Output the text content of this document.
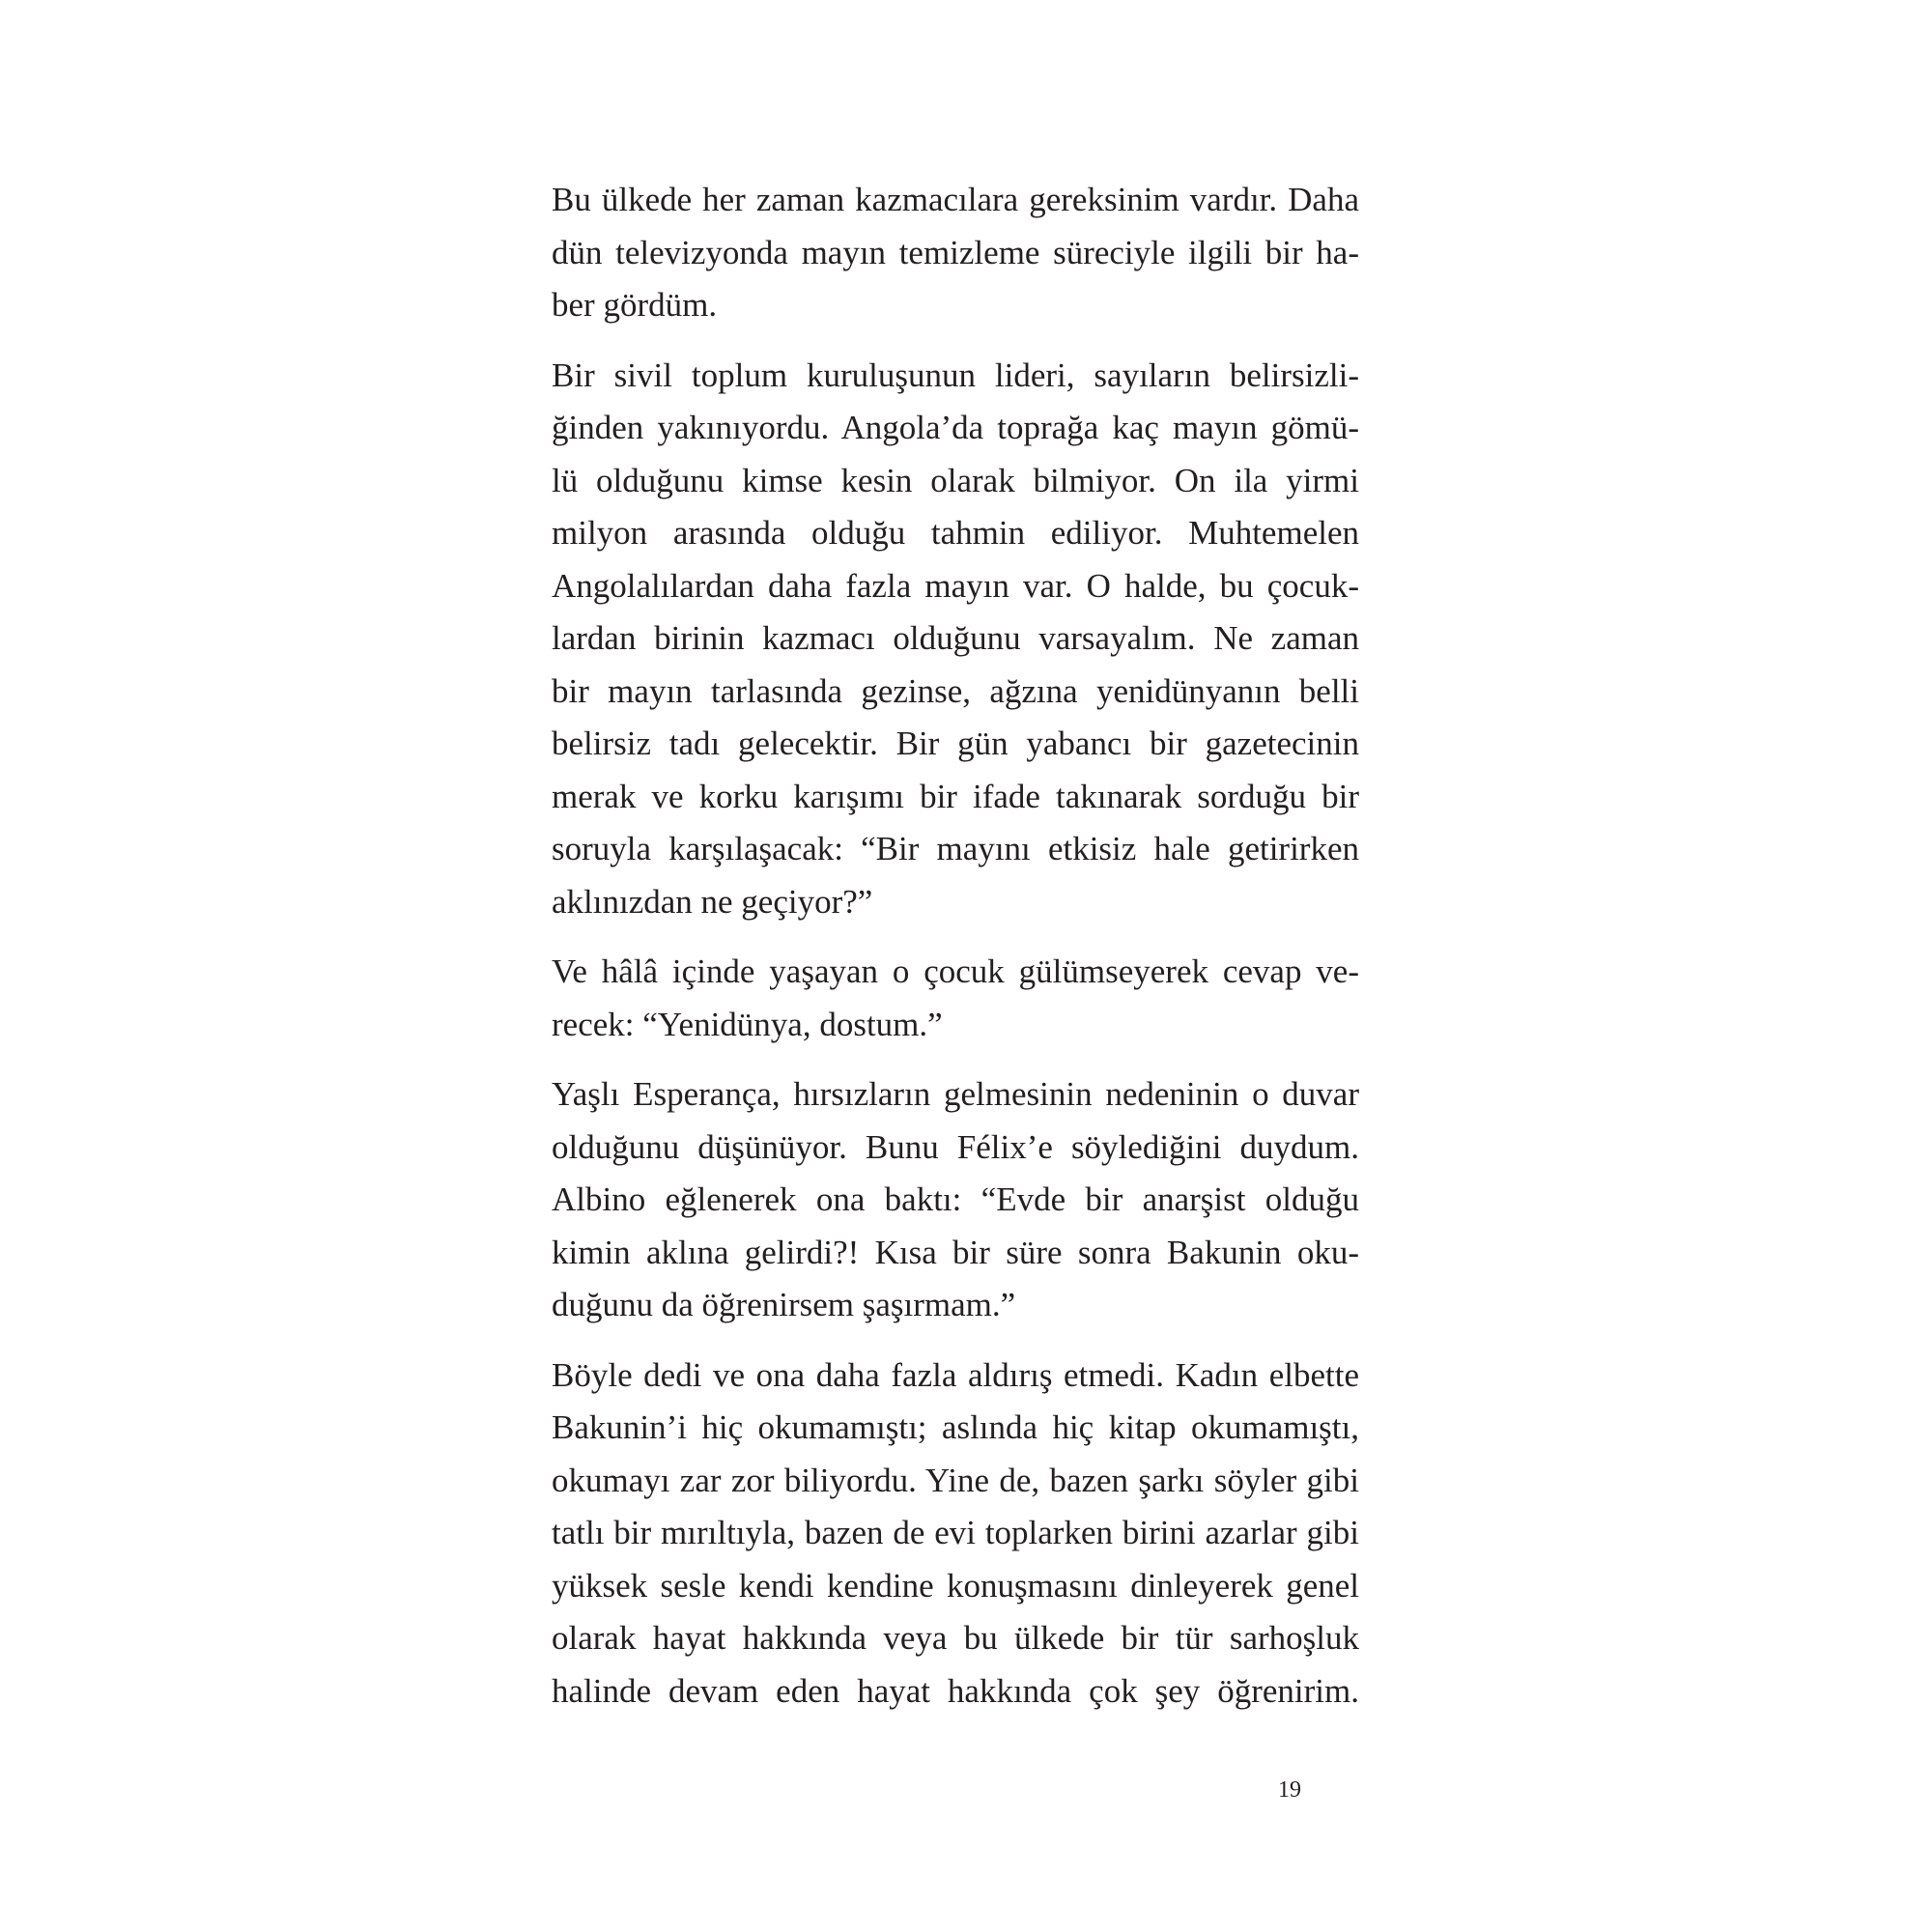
Bu ülkede her zaman kazmacılara gereksinim vardır. Daha
dün televizyonda mayın temizleme süreciyle ilgili bir ha-
ber gördüm.

Bir sivil toplum kuruluşunun lideri, sayıların belirsizli-
ğinden yakınıyordu. Angola’da toprağa kaç mayın gömü-
lü olduğunu kimse kesin olarak bilmiyor. On ila yirmi
milyon arasında olduğu tahmin ediliyor. Muhtemelen
Angolalılardan daha fazla mayın var. O halde, bu çocuk-
lardan birinin kazmacı olduğunu varsayalım. Ne zaman
bir mayın tarlasında gezinse, ağzına yenidünyanın belli
belirsiz tadı gelecektir. Bir gün yabancı bir gazetecinin
merak ve korku karışımı bir ifade takınarak sorduğu bir
soruyla karşılaşacak: “Bir mayını etkisiz hale getirirken
aklınızdan ne geçiyor?”

Ve hâlâ içinde yaşayan o çocuk gülümseyerek cevap ve-
recek: “Yenidünya, dostum.”

Yaşlı Esperança, hırsızların gelmesinin nedeninin o duvar
olduğunu düşünüyor. Bunu Félix’e söylediğini duydum.
Albino eğlenerek ona baktı: “Evde bir anarşist olduğu
kimin aklına gelirdi?! Kısa bir süre sonra Bakunin oku-
duğunu da öğrenirsem şaşırmam.”

Böyle dedi ve ona daha fazla aldırış etmedi. Kadın elbette
Bakunin’i hiç okumamıştı; aslında hiç kitap okumamıştı,
okumayı zar zor biliyordu. Yine de, bazen şarkı söyler gibi
tatlı bir mırıltıyla, bazen de evi toplarken birini azarlar gibi
yüksek sesle kendi kendine konuşmasını dinleyerek genel
olarak hayat hakkında veya bu ülkede bir tür sarhoşluk
halinde devam eden hayat hakkında çok şey öğrenirim.

19
